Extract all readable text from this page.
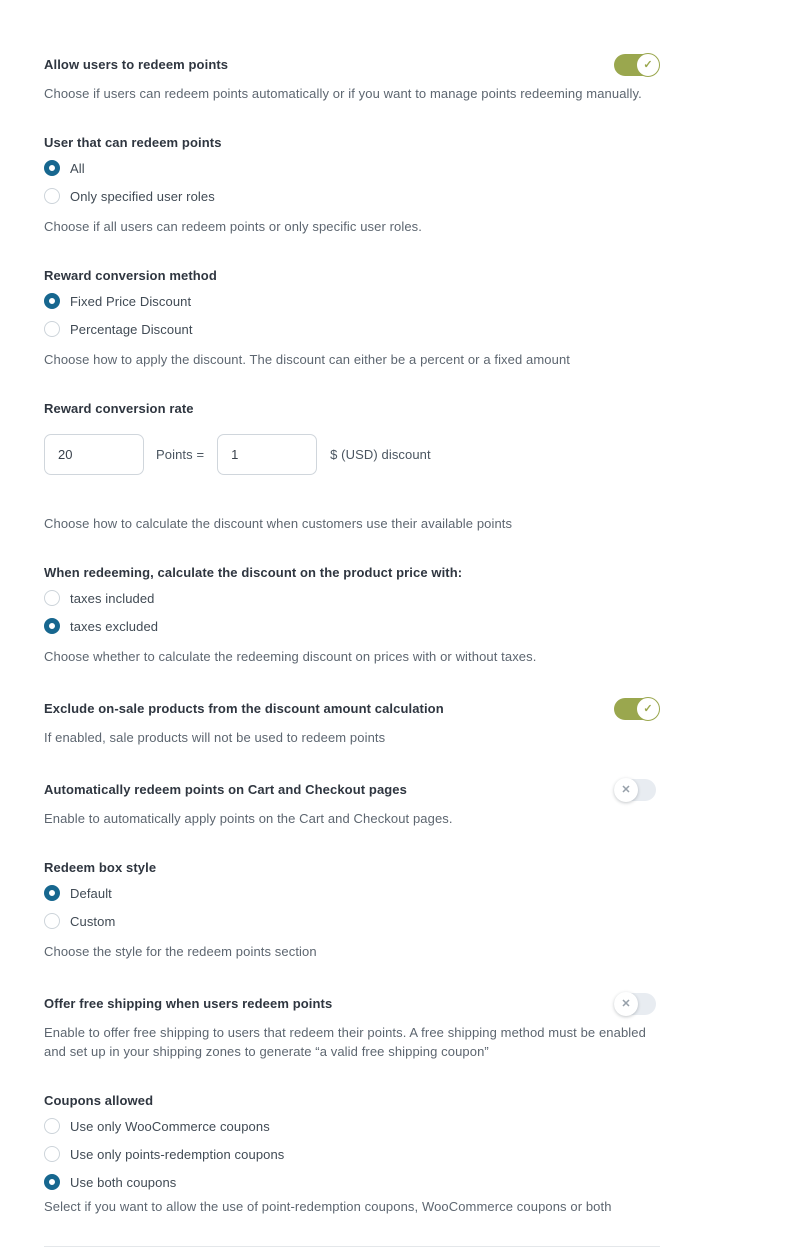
Allow users to redeem points	✓
Choose if users can redeem points automatically or if you want to manage points redeeming manually.
User that can redeem points
All
Only specified user roles
Choose if all users can redeem points or only specific user roles.
Reward conversion method
Fixed Price Discount
Percentage Discount
Choose how to apply the discount. The discount can either be a percent or a fixed amount
Reward conversion rate
20
Points =
1	$ (USD) discount
Choose how to calculate the discount when customers use their available points
When redeeming, calculate the discount on the product price with:
taxes included
taxes excluded
Choose whether to calculate the redeeming discount on prices with or without taxes.
Exclude on-sale products from the discount amount calculation	✓
If enabled, sale products will not be used to redeem points
Automatically redeem points on Cart and Checkout pages	✕
Enable to automatically apply points on the Cart and Checkout pages.
Redeem box style
Default
Custom
Choose the style for the redeem points section
Offer free shipping when users redeem points	✕
Enable to offer free shipping to users that redeem their points. A free shipping method must be enabled and set up in your shipping zones to generate “a valid free shipping coupon”
Coupons allowed
Use only WooCommerce coupons
Use only points-redemption coupons
Use both coupons
Select if you want to allow the use of point-redemption coupons, WooCommerce coupons or both
